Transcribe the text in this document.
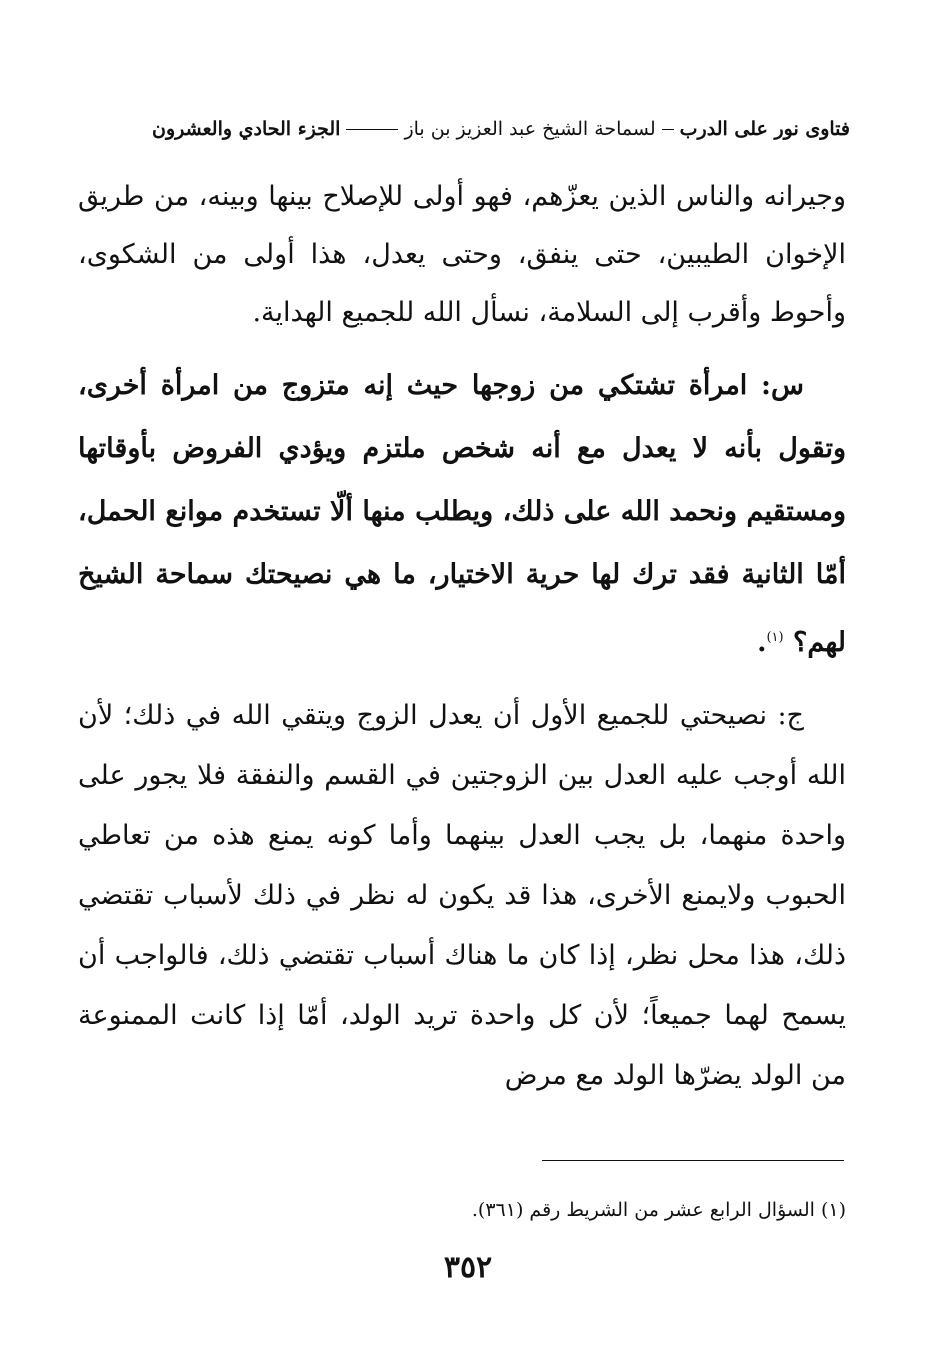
فتاوى نور على الدرب
لسماحة الشيخ عبد العزيز بن باز
الجزء الحادي والعشرون

وجيرانه والناس الذين يعزّهم، فهو أولى للإصلاح بينها وبينه، من طريق الإخوان الطيبين، حتى ينفق، وحتى يعدل، هذا أولى من الشكوى، وأحوط وأقرب إلى السلامة، نسأل الله للجميع الهداية.

س: امرأة تشتكي من زوجها حيث إنه متزوج من امرأة أخرى، وتقول بأنه لا يعدل مع أنه شخص ملتزم ويؤدي الفروض بأوقاتها ومستقيم ونحمد الله على ذلك، ويطلب منها ألّا تستخدم موانع الحمل، أمّا الثانية فقد ترك لها حرية الاختيار، ما هي نصيحتك سماحة الشيخ لهم؟ $^{(١)}$.

ج: نصيحتي للجميع الأول أن يعدل الزوج ويتقي الله في ذلك؛ لأن الله أوجب عليه العدل بين الزوجتين في القسم والنفقة فلا يجور على واحدة منهما، بل يجب العدل بينهما وأما كونه يمنع هذه من تعاطي الحبوب ولايمنع الأخرى، هذا قد يكون له نظر في ذلك لأسباب تقتضي ذلك، هذا محل نظر، إذا كان ما هناك أسباب تقتضي ذلك، فالواجب أن يسمح لهما جميعاً؛ لأن كل واحدة تريد الولد، أمّا إذا كانت الممنوعة من الولد يضرّها الولد مع مرض

(١) السؤال الرابع عشر من الشريط رقم (٣٦١).
٣٥٢
